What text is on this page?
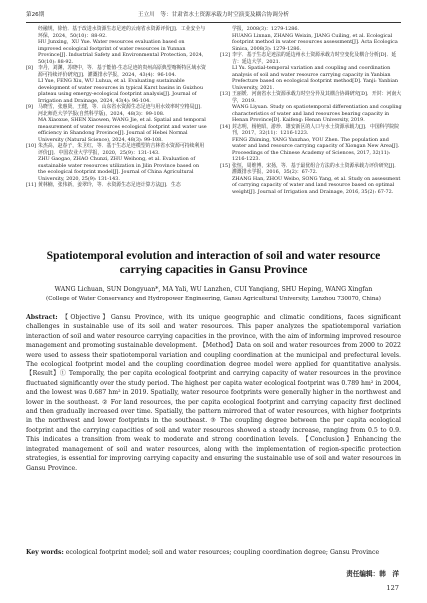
第26期	王立川　等：甘肃省水土资源承载力时空演变及耦合协调分析
经融规，徐怡．基于改进水资源生态足迹的云南省水资源评价[J]．工业安全与环保，2024，50(10)：88-92.
HU Junxing，XU Yue. Water resources evaluation based on improved ecological footprint of water resources in Yunnan Province[J]. Industrial Safety and Environmental Protection, 2024, 50(10): 88-92.
[8]	李丹，刘渊，苏晓中，等．基于能值-生态足迹的贵州高原典型喀斯特区域水资源可持续评价研究[J]．灌溉排水学报，2024，43(4)：96-104.
LI Yue, FENG Xiu, WU Luhua, et al. Evaluating sustainable development of water resources in typical Karst basins in Guizhou plateau using emergy-ecological footprint analysis[J]. Journal of Irrigation and Drainage, 2024, 43(4): 96-104.
[9]	马晓雪，张惠贤，王健，等．山东省水资源生态足迹与用水效率时空格局[J]．河北师范大学学报(自然科学版)，2024，48(3)：99-108.
MA Xiaoxue, SHEN Xiaowen, WANG Jie, et al. Spatial and temporal measurement of water resources ecological footprint and water use efficiency in Shandong Province[J]. Journal of Hebei Normal University (Natural Science), 2024, 48(3): 99-108.
[10] 朱杰高，赵春子，朱卫红，等．基于生态足迹模型的吉林省水资源可持续利用评价[J]．中国农业大学学报，2020，25(9)：131-143.
ZHU Gaogao, ZHAO Chunzi, ZHU Weihong, et al. Evaluation of sustainable water resources utilization in Jilin Province based on the ecological footprint model[J]. Journal of China Agricultural University, 2020, 25(9): 131-143.
[11] 黄林楠，张伟新，姜翠玲，等．水资源生态足迹计算方法[J]．生态
学报，2008(3)：1279-1286.
HUANG Linnan, ZHANG Weixin, JIANG Cuiling, et al. Ecological footprint method in water resources assessment[J]. Acta Ecologica Sinica, 2008(3): 1279-1286.
[12] 李宇．基于生态足迹法的延边州水土资源承载力时空变化及耦合分析[D]．延吉：延边大学，2021.
LI Yu. Spatial-temporal variation and coupling and coordination analysis of soil and water resource carrying capacity in Yanbian Prefecture based on ecological footprint method[D]. Yanji: Yanbian University, 2021.
[13] 王丽媛．河南省水土资源承载力时空分异及其耦合协调研究[D]．开封：河南大学，2019.
WANG Liyuan. Study on spatiotemporal differentiation and coupling characteristics of water and land resources bearing capacity in Henan Province[D]. Kaifeng: Henan University, 2019.
[14] 封志明，杨艳昭，游珍．雄安新区的人口与水土资源承载力[J]．中国科学院院刊，2017，32(11)：1216-1223.
FENG Zhiming, YANG Yanzhao, YOU Zhen. The population and water and land resource carrying capacity of Xiongan New Area[J]. Proceedings of the Chinese Academy of Sciences, 2017, 32(11): 1216-1223.
[15] 张恒，周维博，宋扬，等．基于最优组合方法的水土资源承载力评价研究[J]．灌溉排水学报，2016，35(2)：67-72.
ZHANG Han, ZHOU Weibo, SONG Yang, et al. Study on assessment of carrying capacity of water and land resource based on optimal weight[J]. Journal of Irrigation and Drainage, 2016, 35(2): 67-72.
Spatiotemporal evolution and interaction of soil and water resource
carrying capacities in Gansu Province
WANG Lichuan, SUN Dongyuan*, MA Yali, WU Lanzhen, CUI Yanqiang, SHU Heping, WANG Xingfan
(College of Water Conservancy and Hydropower Engineering, Gansu Agricultural University, Lanzhou 730070, China)
Abstract: 【Objective】Gansu Province, with its unique geographic and climatic conditions, faces significant challenges in sustainable use of its soil and water resources. This paper analyzes the spatiotemporal variation interaction of soil and water resource carrying capacities in the province, with the aim of informing improved resource management and promoting sustainable development. 【Method】Data on soil and water resources from 2000 to 2022 were used to assess their spatiotemporal variation and coupling coordination at the municipal and prefectural levels. The ecological footprint model and the coupling coordination degree model were applied for quantitative analysis. 【Result】① Temporally, the per capita ecological footprint and carrying capacity of water resources in the province fluctuated significantly over the study period. The highest per capita water ecological footprint was 0.789 hm² in 2004, and the lowest was 0.687 hm² in 2019. Spatially, water resource footprints were generally higher in the northwest and lower in the southeast. ② For land resources, the per capita ecological footprint and carrying capacity first declined and then gradually increased over time. Spatially, the pattern mirrored that of water resources, with higher footprints in the northwest and lower footprints in the southeast. ③ The coupling degree between the per capita ecological footprint and the carrying capacities of soil and water resources showed a steady increase, ranging from 0.5 to 0.9. This indicates a transition from weak to moderate and strong coordination levels. 【Conclusion】Enhancing the integrated management of soil and water resources, along with the implementation of region-specific protection strategies, is essential for improving carrying capacity and ensuring the sustainable use of soil and water resources in Gansu Province.
Key words: ecological footprint model; soil and water resources; coupling coordination degree; Gansu Province
责任编辑：韩　洋
127
